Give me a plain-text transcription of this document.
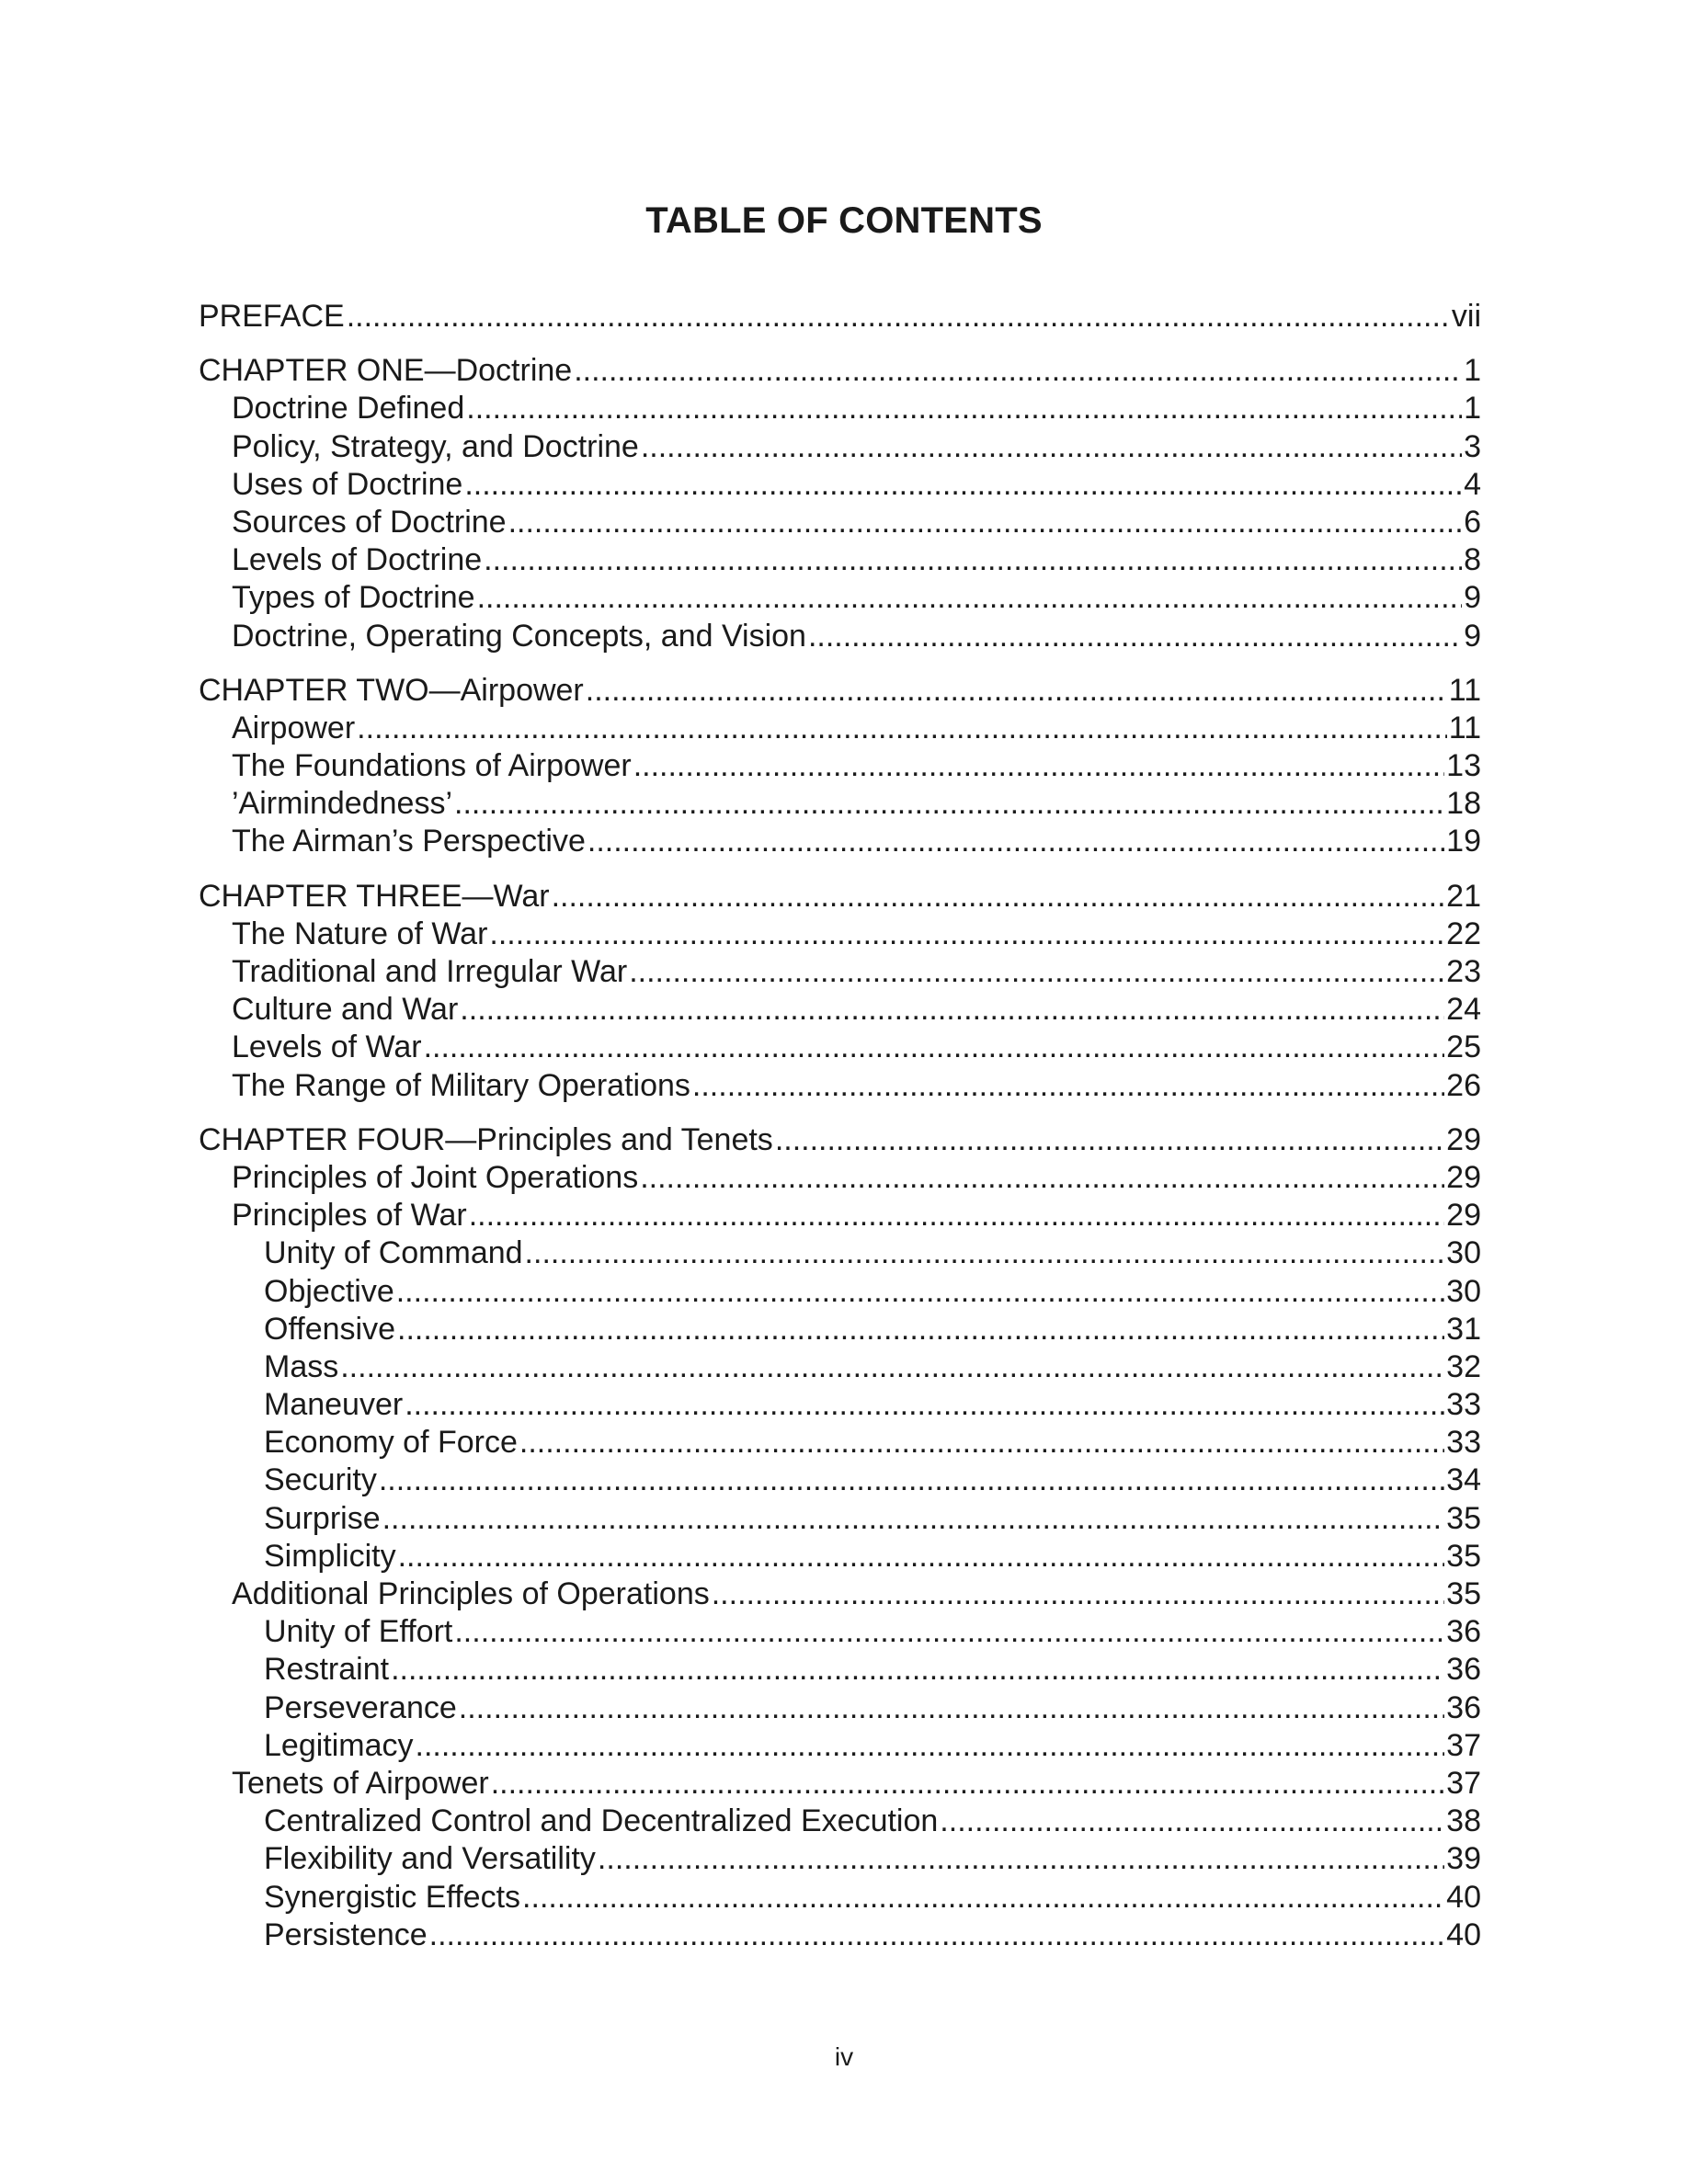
TABLE OF CONTENTS
PREFACE .....	vii
CHAPTER ONE—Doctrine .....	1
Doctrine Defined .....	1
Policy, Strategy, and Doctrine .....	3
Uses of Doctrine .....	4
Sources of Doctrine .....	6
Levels of Doctrine .....	8
Types of Doctrine .....	9
Doctrine, Operating Concepts, and Vision .....	9
CHAPTER TWO—Airpower .....	11
Airpower .....	11
The Foundations of Airpower .....	13
’Airmindedness’ .....	18
The Airman’s Perspective .....	19
CHAPTER THREE—War .....	21
The Nature of War .....	22
Traditional and Irregular War .....	23
Culture and War .....	24
Levels of War .....	25
The Range of Military Operations .....	26
CHAPTER FOUR—Principles and Tenets .....	29
Principles of Joint Operations .....	29
Principles of War .....	29
Unity of Command .....	30
Objective .....	30
Offensive .....	31
Mass .....	32
Maneuver .....	33
Economy of Force .....	33
Security .....	34
Surprise .....	35
Simplicity .....	35
Additional Principles of Operations .....	35
Unity of Effort .....	36
Restraint .....	36
Perseverance .....	36
Legitimacy .....	37
Tenets of Airpower .....	37
Centralized Control and Decentralized Execution .....	38
Flexibility and Versatility .....	39
Synergistic Effects .....	40
Persistence .....	40
iv
